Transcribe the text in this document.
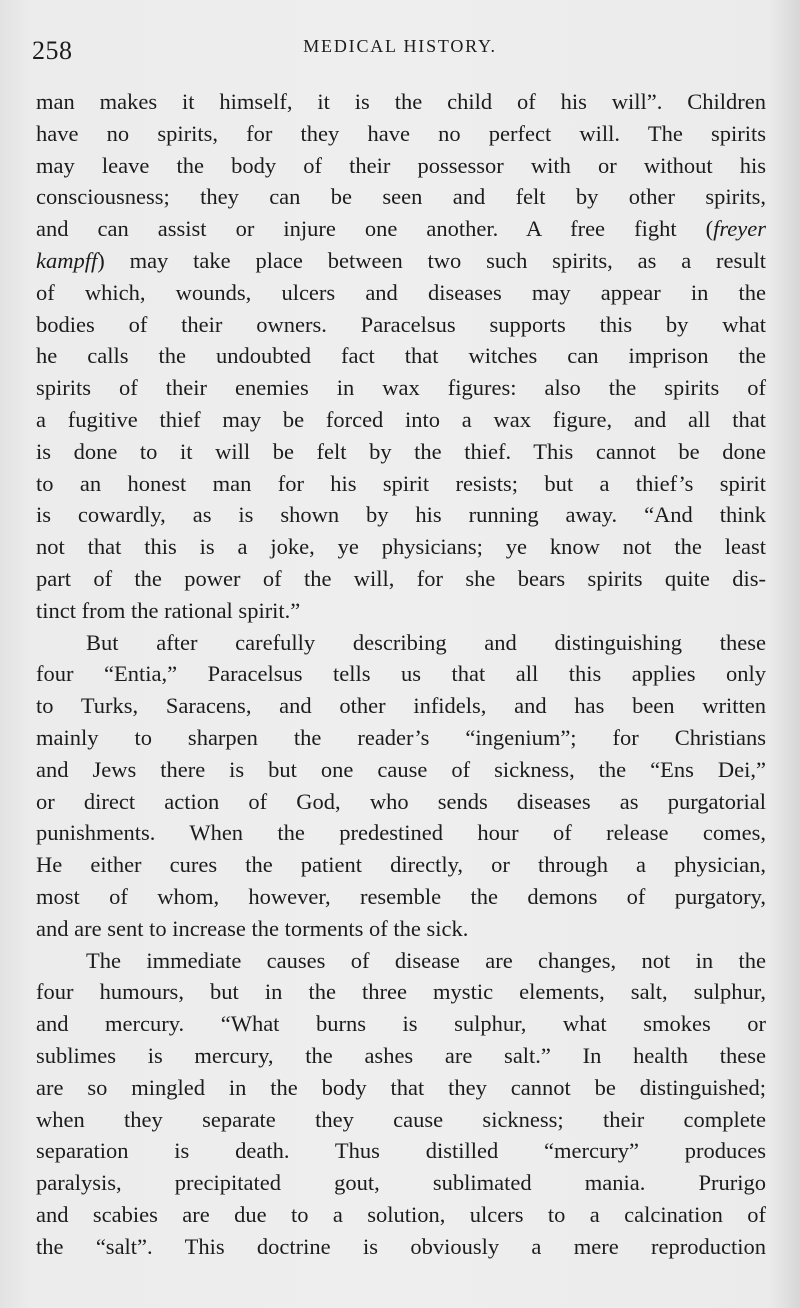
258	MEDICAL HISTORY.
man makes it himself, it is the child of his will”. Children
have no spirits, for they have no perfect will. The spirits
may leave the body of their possessor with or without his
consciousness; they can be seen and felt by other spirits,
and can assist or injure one another. A free fight (freyer
kampff) may take place between two such spirits, as a result
of which, wounds, ulcers and diseases may appear in the
bodies of their owners. Paracelsus supports this by what
he calls the undoubted fact that witches can imprison the
spirits of their enemies in wax figures: also the spirits of
a fugitive thief may be forced into a wax figure, and all that
is done to it will be felt by the thief. This cannot be done
to an honest man for his spirit resists; but a thief’s spirit
is cowardly, as is shown by his running away. “And think
not that this is a joke, ye physicians; ye know not the least
part of the power of the will, for she bears spirits quite dis-
tinct from the rational spirit.”
But after carefully describing and distinguishing these
four “Entia,” Paracelsus tells us that all this applies only
to Turks, Saracens, and other infidels, and has been written
mainly to sharpen the reader’s “ingenium”; for Christians
and Jews there is but one cause of sickness, the “Ens Dei,”
or direct action of God, who sends diseases as purgatorial
punishments. When the predestined hour of release comes,
He either cures the patient directly, or through a physician,
most of whom, however, resemble the demons of purgatory,
and are sent to increase the torments of the sick.
The immediate causes of disease are changes, not in the
four humours, but in the three mystic elements, salt, sulphur,
and mercury. “What burns is sulphur, what smokes or
sublimes is mercury, the ashes are salt.” In health these
are so mingled in the body that they cannot be distinguished;
when they separate they cause sickness; their complete
separation is death. Thus distilled “mercury” produces
paralysis, precipitated gout, sublimated mania. Prurigo
and scabies are due to a solution, ulcers to a calcination of
the “salt”. This doctrine is obviously a mere reproduction
